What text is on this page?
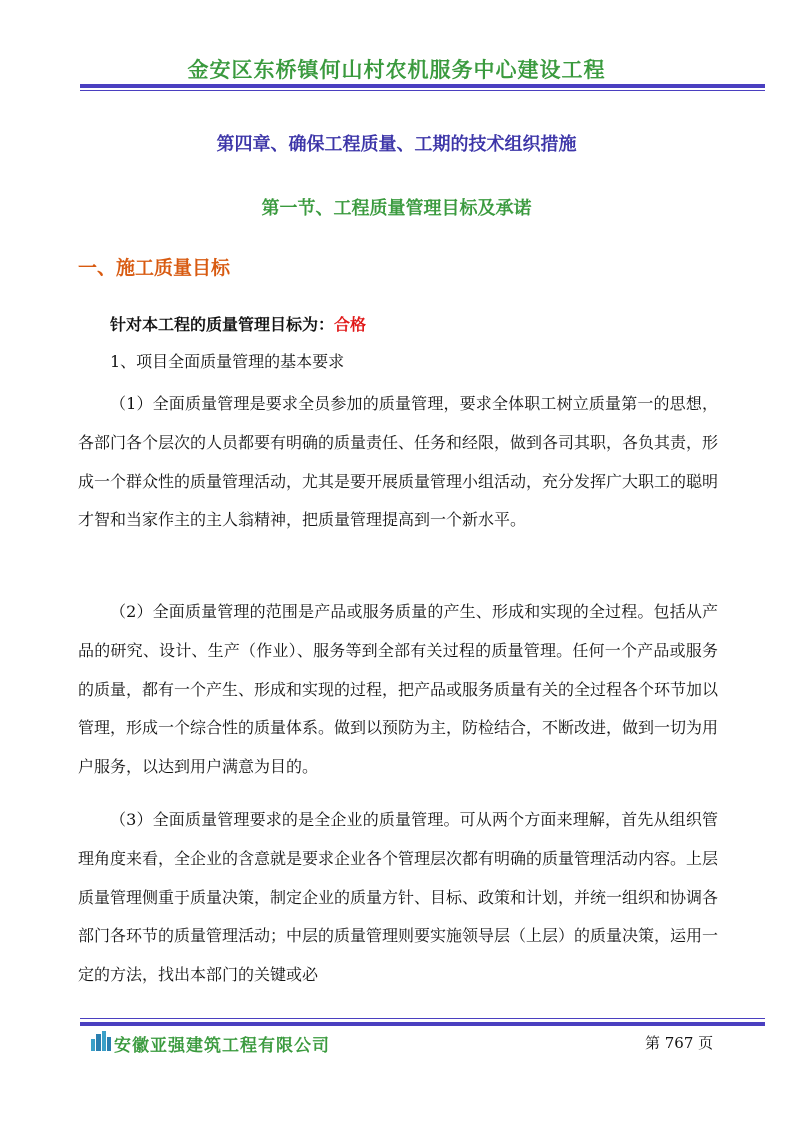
金安区东桥镇何山村农机服务中心建设工程
第四章、确保工程质量、工期的技术组织措施
第一节、工程质量管理目标及承诺
一、施工质量目标
针对本工程的质量管理目标为：合格
1、项目全面质量管理的基本要求
（1）全面质量管理是要求全员参加的质量管理，要求全体职工树立质量第一的思想，各部门各个层次的人员都要有明确的质量责任、任务和经限，做到各司其职，各负其责，形成一个群众性的质量管理活动，尤其是要开展质量管理小组活动，充分发挥广大职工的聪明才智和当家作主的主人翁精神，把质量管理提高到一个新水平。
（2）全面质量管理的范围是产品或服务质量的产生、形成和实现的全过程。包括从产品的研究、设计、生产（作业）、服务等到全部有关过程的质量管理。任何一个产品或服务的质量，都有一个产生、形成和实现的过程，把产品或服务质量有关的全过程各个环节加以管理，形成一个综合性的质量体系。做到以预防为主，防检结合，不断改进，做到一切为用户服务，以达到用户满意为目的。
（3）全面质量管理要求的是全企业的质量管理。可从两个方面来理解，首先从组织管理角度来看，全企业的含意就是要求企业各个管理层次都有明确的质量管理活动内容。上层质量管理侧重于质量决策，制定企业的质量方针、目标、政策和计划，并统一组织和协调各部门各环节的质量管理活动；中层的质量管理则要实施领导层（上层）的质量决策，运用一定的方法，找出本部门的关键或必
安徽亚强建筑工程有限公司	第 767 页
